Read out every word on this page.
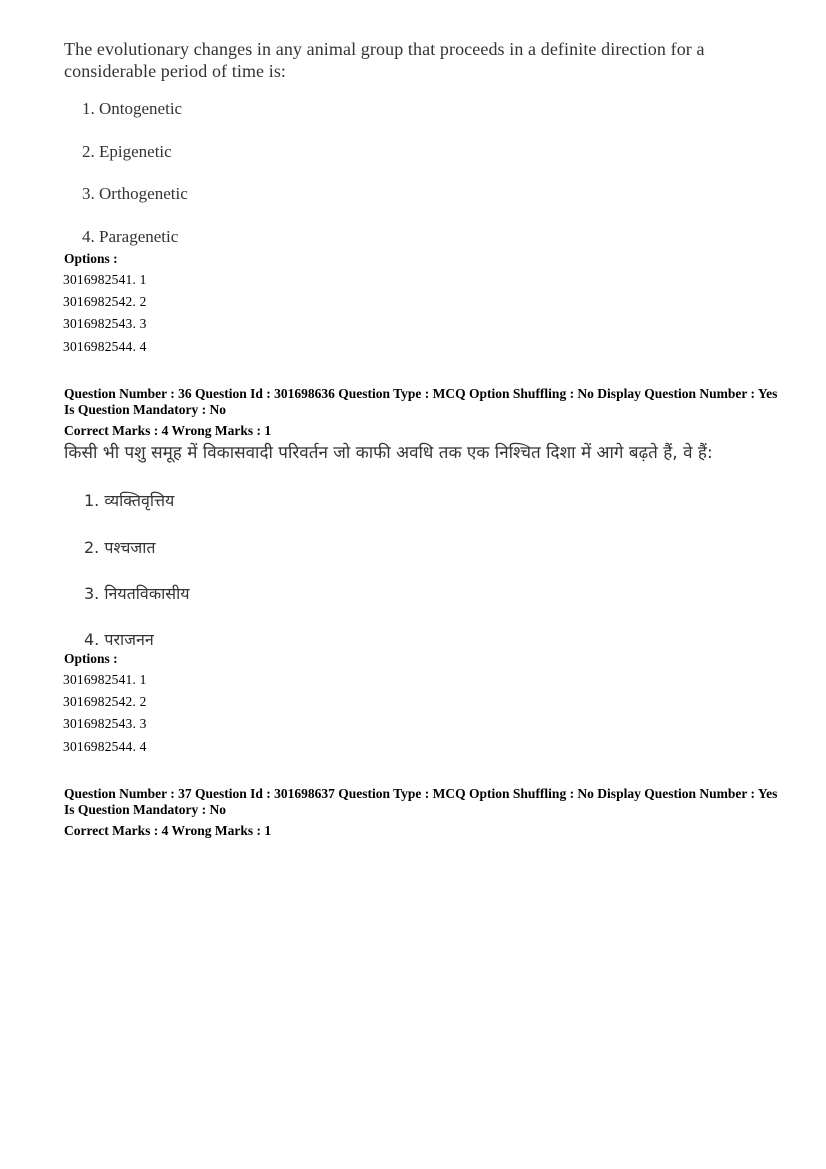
The evolutionary changes in any animal group that proceeds in a definite direction for a considerable period of time is:
1. Ontogenetic
2. Epigenetic
3. Orthogenetic
4. Paragenetic
Options :
3016982541. 1
3016982542. 2
3016982543. 3
3016982544. 4
Question Number : 36 Question Id : 301698636 Question Type : MCQ Option Shuffling : No Display Question Number : Yes Is Question Mandatory : No
Correct Marks : 4 Wrong Marks : 1
किसी भी पशु समूह में विकासवादी परिवर्तन जो काफी अवधि तक एक निश्चित दिशा में आगे बढ़ते हैं, वे हैं:
1. व्यक्तिवृत्तिय
2. पश्चजात
3. नियतविकासीय
4. पराजनन
Options :
3016982541. 1
3016982542. 2
3016982543. 3
3016982544. 4
Question Number : 37 Question Id : 301698637 Question Type : MCQ Option Shuffling : No Display Question Number : Yes Is Question Mandatory : No
Correct Marks : 4 Wrong Marks : 1
